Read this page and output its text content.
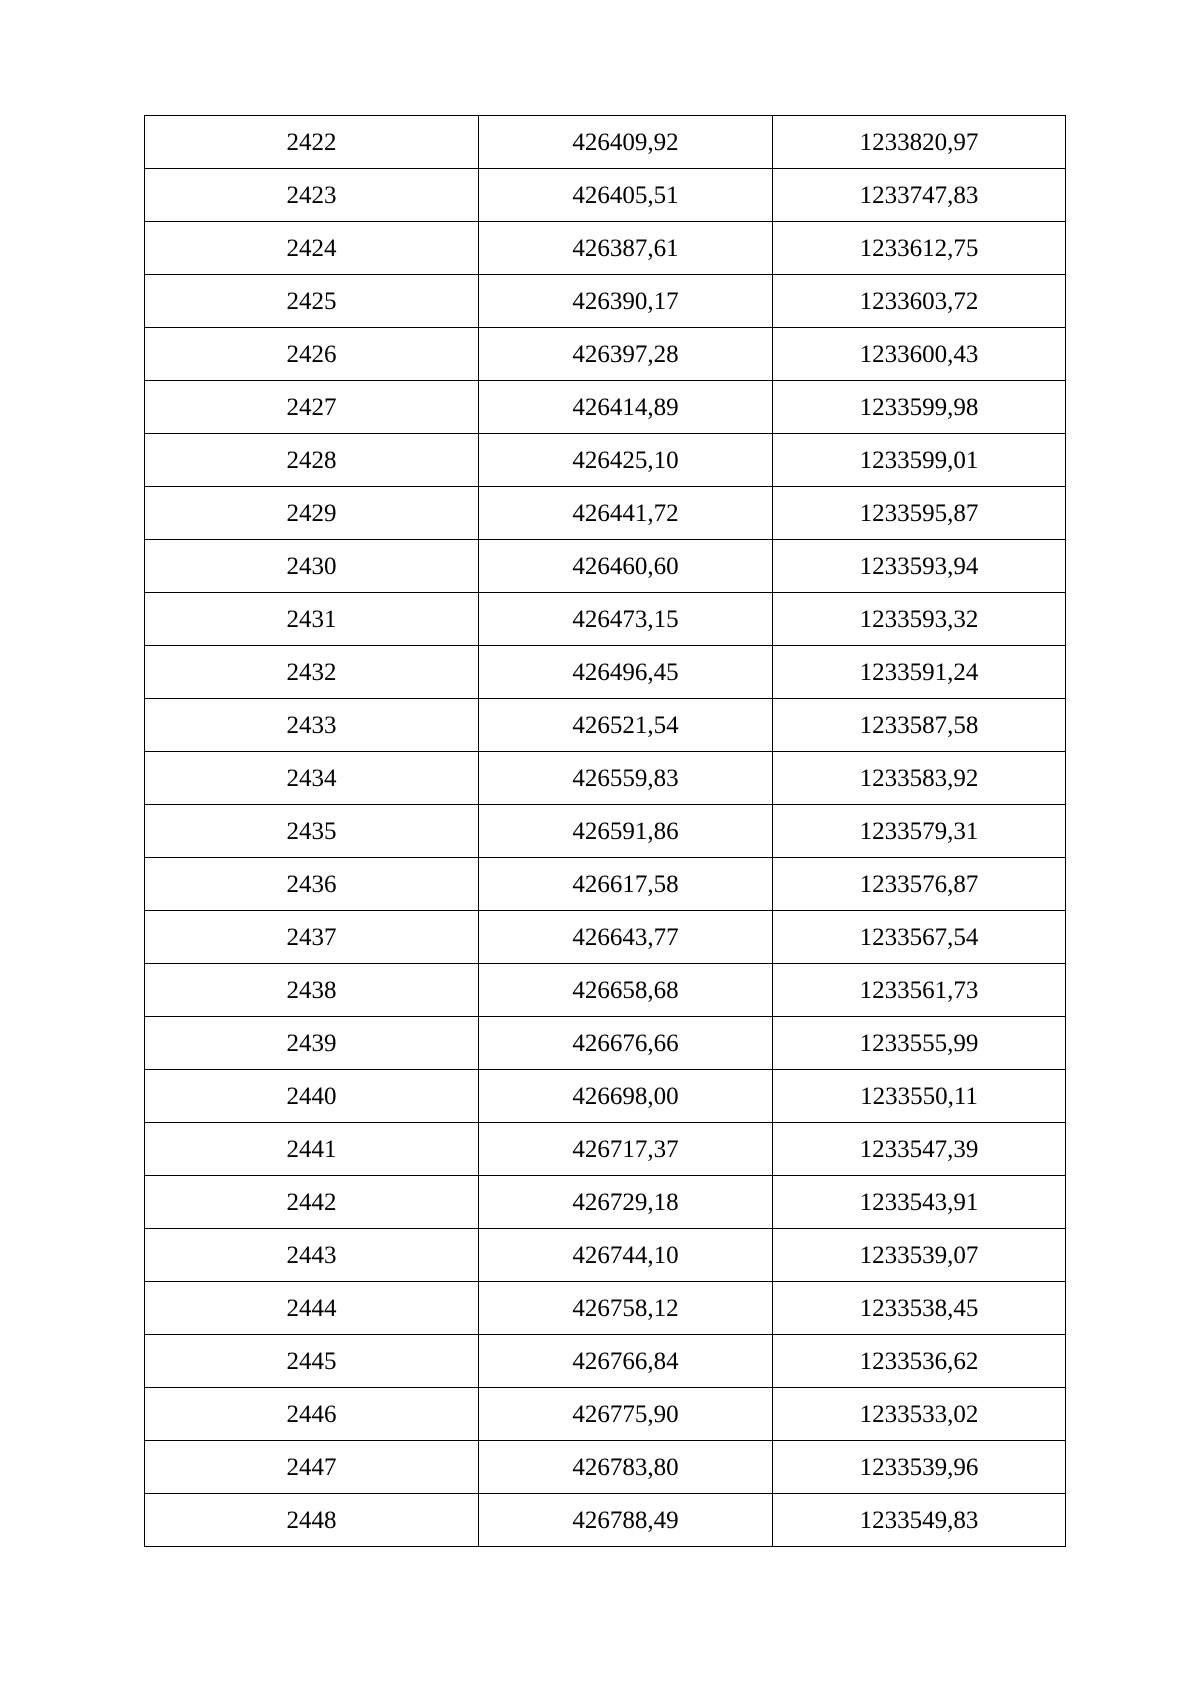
2422	426409,92	1233820,97
2423	426405,51	1233747,83
2424	426387,61	1233612,75
2425	426390,17	1233603,72
2426	426397,28	1233600,43
2427	426414,89	1233599,98
2428	426425,10	1233599,01
2429	426441,72	1233595,87
2430	426460,60	1233593,94
2431	426473,15	1233593,32
2432	426496,45	1233591,24
2433	426521,54	1233587,58
2434	426559,83	1233583,92
2435	426591,86	1233579,31
2436	426617,58	1233576,87
2437	426643,77	1233567,54
2438	426658,68	1233561,73
2439	426676,66	1233555,99
2440	426698,00	1233550,11
2441	426717,37	1233547,39
2442	426729,18	1233543,91
2443	426744,10	1233539,07
2444	426758,12	1233538,45
2445	426766,84	1233536,62
2446	426775,90	1233533,02
2447	426783,80	1233539,96
2448	426788,49	1233549,83
